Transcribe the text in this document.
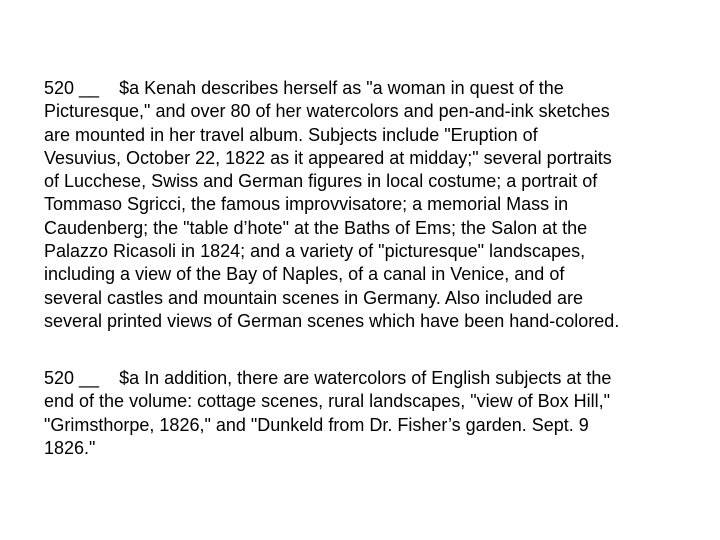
520 __ $a Kenah describes herself as "a woman in quest of the
Picturesque," and over 80 of her watercolors and pen-and-ink sketches
are mounted in her travel album. Subjects include "Eruption of
Vesuvius, October 22, 1822 as it appeared at midday;" several portraits
of Lucchese, Swiss and German figures in local costume; a portrait of
Tommaso Sgricci, the famous improvvisatore; a memorial Mass in
Caudenberg; the "table d’hote" at the Baths of Ems; the Salon at the
Palazzo Ricasoli in 1824; and a variety of "picturesque" landscapes,
including a view of the Bay of Naples, of a canal in Venice, and of
several castles and mountain scenes in Germany. Also included are
several printed views of German scenes which have been hand-colored.
520 __ $a In addition, there are watercolors of English subjects at the
end of the volume: cottage scenes, rural landscapes, "view of Box Hill,"
"Grimsthorpe, 1826," and "Dunkeld from Dr. Fisher’s garden. Sept. 9
1826."
